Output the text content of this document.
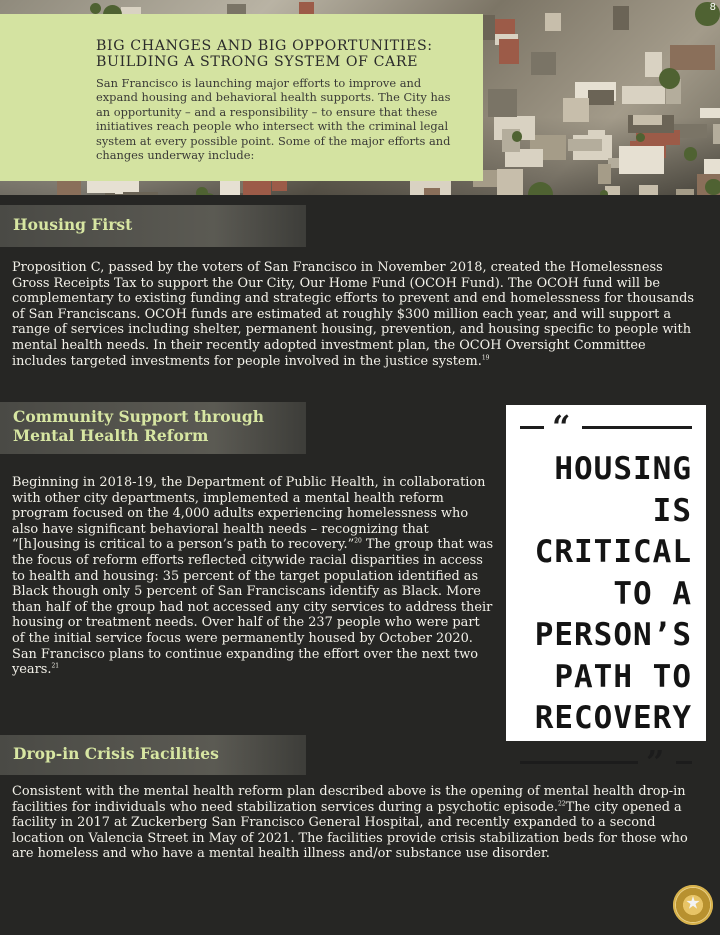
BIG CHANGES AND BIG OPPORTUNITIES:
BUILDING A STRONG SYSTEM OF CARE

San Francisco is launching major efforts to improve and expand housing and behavioral health supports. The City has an opportunity – and a responsibility – to ensure that these initiatives reach people who intersect with the criminal legal system at every possible point. Some of the major efforts and changes underway include:

8
Housing First

Proposition C, passed by the voters of San Francisco in November 2018, created the Homelessness Gross Receipts Tax to support the Our City, Our Home Fund (OCOH Fund). The OCOH fund will be complementary to existing funding and strategic efforts to prevent and end homelessness for thousands of San Franciscans. OCOH funds are estimated at roughly $300 million each year, and will support a range of services including shelter, permanent housing, prevention, and housing specific to people with mental health needs. In their recently adopted investment plan, the OCOH Oversight Committee includes targeted investments for people involved in the justice system.$^{19}$

Community Support through
Mental Health Reform

Beginning in 2018-19, the Department of Public Health, in collaboration with other city departments, implemented a mental health reform program focused on the 4,000 adults experiencing homelessness who also have significant behavioral health needs – recognizing that “[h]ousing is critical to a person’s path to recovery.”$^{20}$ The group that was the focus of reform efforts reflected citywide racial disparities in access to health and housing: 35 percent of the target population identified as Black though only 5 percent of San Franciscans identify as Black. More than half of the group had not accessed any city services to address their housing or treatment needs. Over half of the 237 people who were part of the initial service focus were permanently housed by October 2020. San Francisco plans to continue expanding the effort over the next two years.$^{21}$

“
HOUSING IS
CRITICAL
TO A
PERSON’S
PATH TO
RECOVERY
”
Drop-in Crisis Facilities

Consistent with the mental health reform plan described above is the opening of mental health drop-in facilities for individuals who need stabilization services during a psychotic episode.$^{22}$The city opened a facility in 2017 at Zuckerberg San Francisco General Hospital, and recently expanded to a second location on Valencia Street in May of 2021. The facilities provide crisis stabilization beds for those who are homeless and who have a mental health illness and/or substance use disorder.
